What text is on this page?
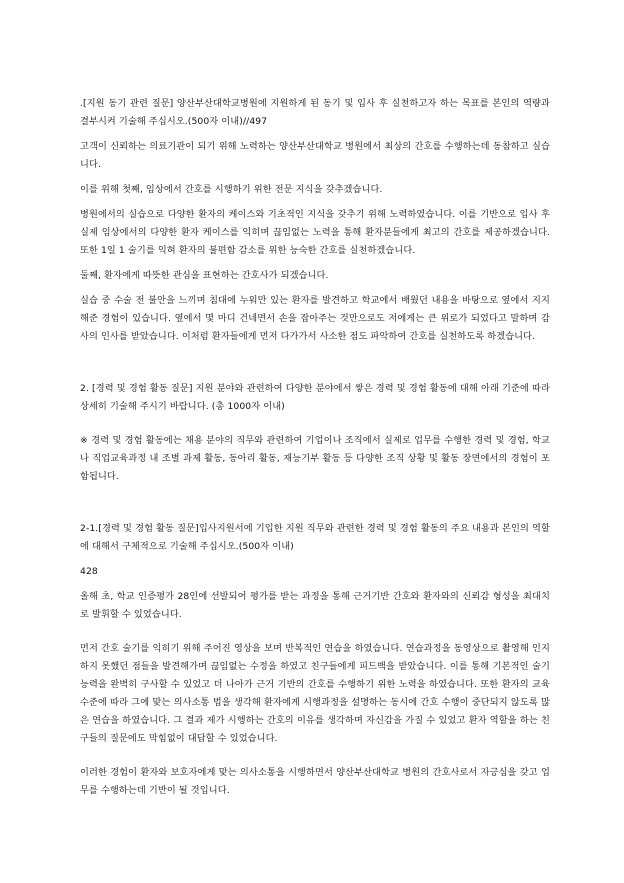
.[지원 동기 관련 질문] 양산부산대학교병원에 지원하게 된 동기 및 입사 후 실천하고자 하는 목표를 본인의 역량과 결부시켜 기술해 주십시오.(500자 이내)//497

고객이 신뢰하는 의료기관이 되기 위해 노력하는 양산부산대학교 병원에서 최상의 간호를 수행하는데 동참하고 싶습니다.

이를 위해 첫째, 임상에서 간호를 시행하기 위한 전문 지식을 갖추겠습니다.

병원에서의 실습으로 다양한 환자의 케이스와 기초적인 지식을 갖추기 위해 노력하였습니다. 이를 기반으로 입사 후 실제 임상에서의 다양한 환자 케이스를 익히며 끊임없는 노력을 통해 환자분들에게 최고의 간호를 제공하겠습니다. 또한 1일 1 술기를 익혀 환자의 불편함 감소를 위한 능숙한 간호를 실천하겠습니다.

둘째, 환자에게 따뜻한 관심을 표현하는 간호사가 되겠습니다.

실습 중 수술 전 불안을 느끼며 침대에 누워만 있는 환자를 발견하고 학교에서 배웠던 내용을 바탕으로 옆에서 지지해준 경험이 있습니다. 옆에서 몇 마디 건네면서 손을 잡아주는 것만으로도 저에게는 큰 위로가 되었다고 말하며 감사의 인사를 받았습니다. 이처럼 환자들에게 먼저 다가가서 사소한 점도 파악하여 간호를 실천하도록 하겠습니다.

2. [경력 및 경험 활동 질문] 지원 분야와 관련하여 다양한 분야에서 쌓은 경력 및 경험 활동에 대해 아래 기준에 따라 상세히 기술해 주시기 바랍니다. (총 1000자 이내)

※ 경력 및 경험 활동에는 채용 분야의 직무와 관련하여 기업이나 조직에서 실제로 업무를 수행한 경력 및 경험, 학교나 직업교육과정 내 조별 과제 활동, 동아리 활동, 재능기부 활동 등 다양한 조직 상황 및 활동 장면에서의 경험이 포함됩니다.

2-1.[경력 및 경험 활동 질문]입사지원서에 기입한 지원 직무와 관련한 경력 및 경험 활동의 주요 내용과 본인의 역할에 대해서 구체적으로 기술해 주십시오.(500자 이내)

428

올해 초, 학교 인증평가 28인에 선발되어 평가를 받는 과정을 통해 근거기반 간호와 환자와의 신뢰감 형성을 최대치로 발휘할 수 있었습니다.

먼저 간호 술기를 익히기 위해 주어진 영상을 보며 반복적인 연습을 하였습니다. 연습과정을 동영상으로 촬영해 인지하지 못했던 점들을 발견해가며 끊임없는 수정을 하였고 친구들에게 피드백을 받았습니다. 이를 통해 기본적인 술기 능력을 완벽히 구사할 수 있었고 더 나아가 근거 기반의 간호를 수행하기 위한 노력을 하였습니다. 또한 환자의 교육 수준에 따라 그에 맞는 의사소통 법을 생각해 환자에게 시행과정을 설명하는 동시에 간호 수행이 중단되지 않도록 많은 연습을 하였습니다. 그 결과 제가 시행하는 간호의 이유를 생각하며 자신감을 가질 수 있었고 환자 역할을 하는 친구들의 질문에도 막힘없이 대답할 수 있었습니다.

이러한 경험이 환자와 보호자에게 맞는 의사소통을 시행하면서 양산부산대학교 병원의 간호사로서 자긍심을 갖고 업무를 수행하는데 기반이 될 것입니다.
